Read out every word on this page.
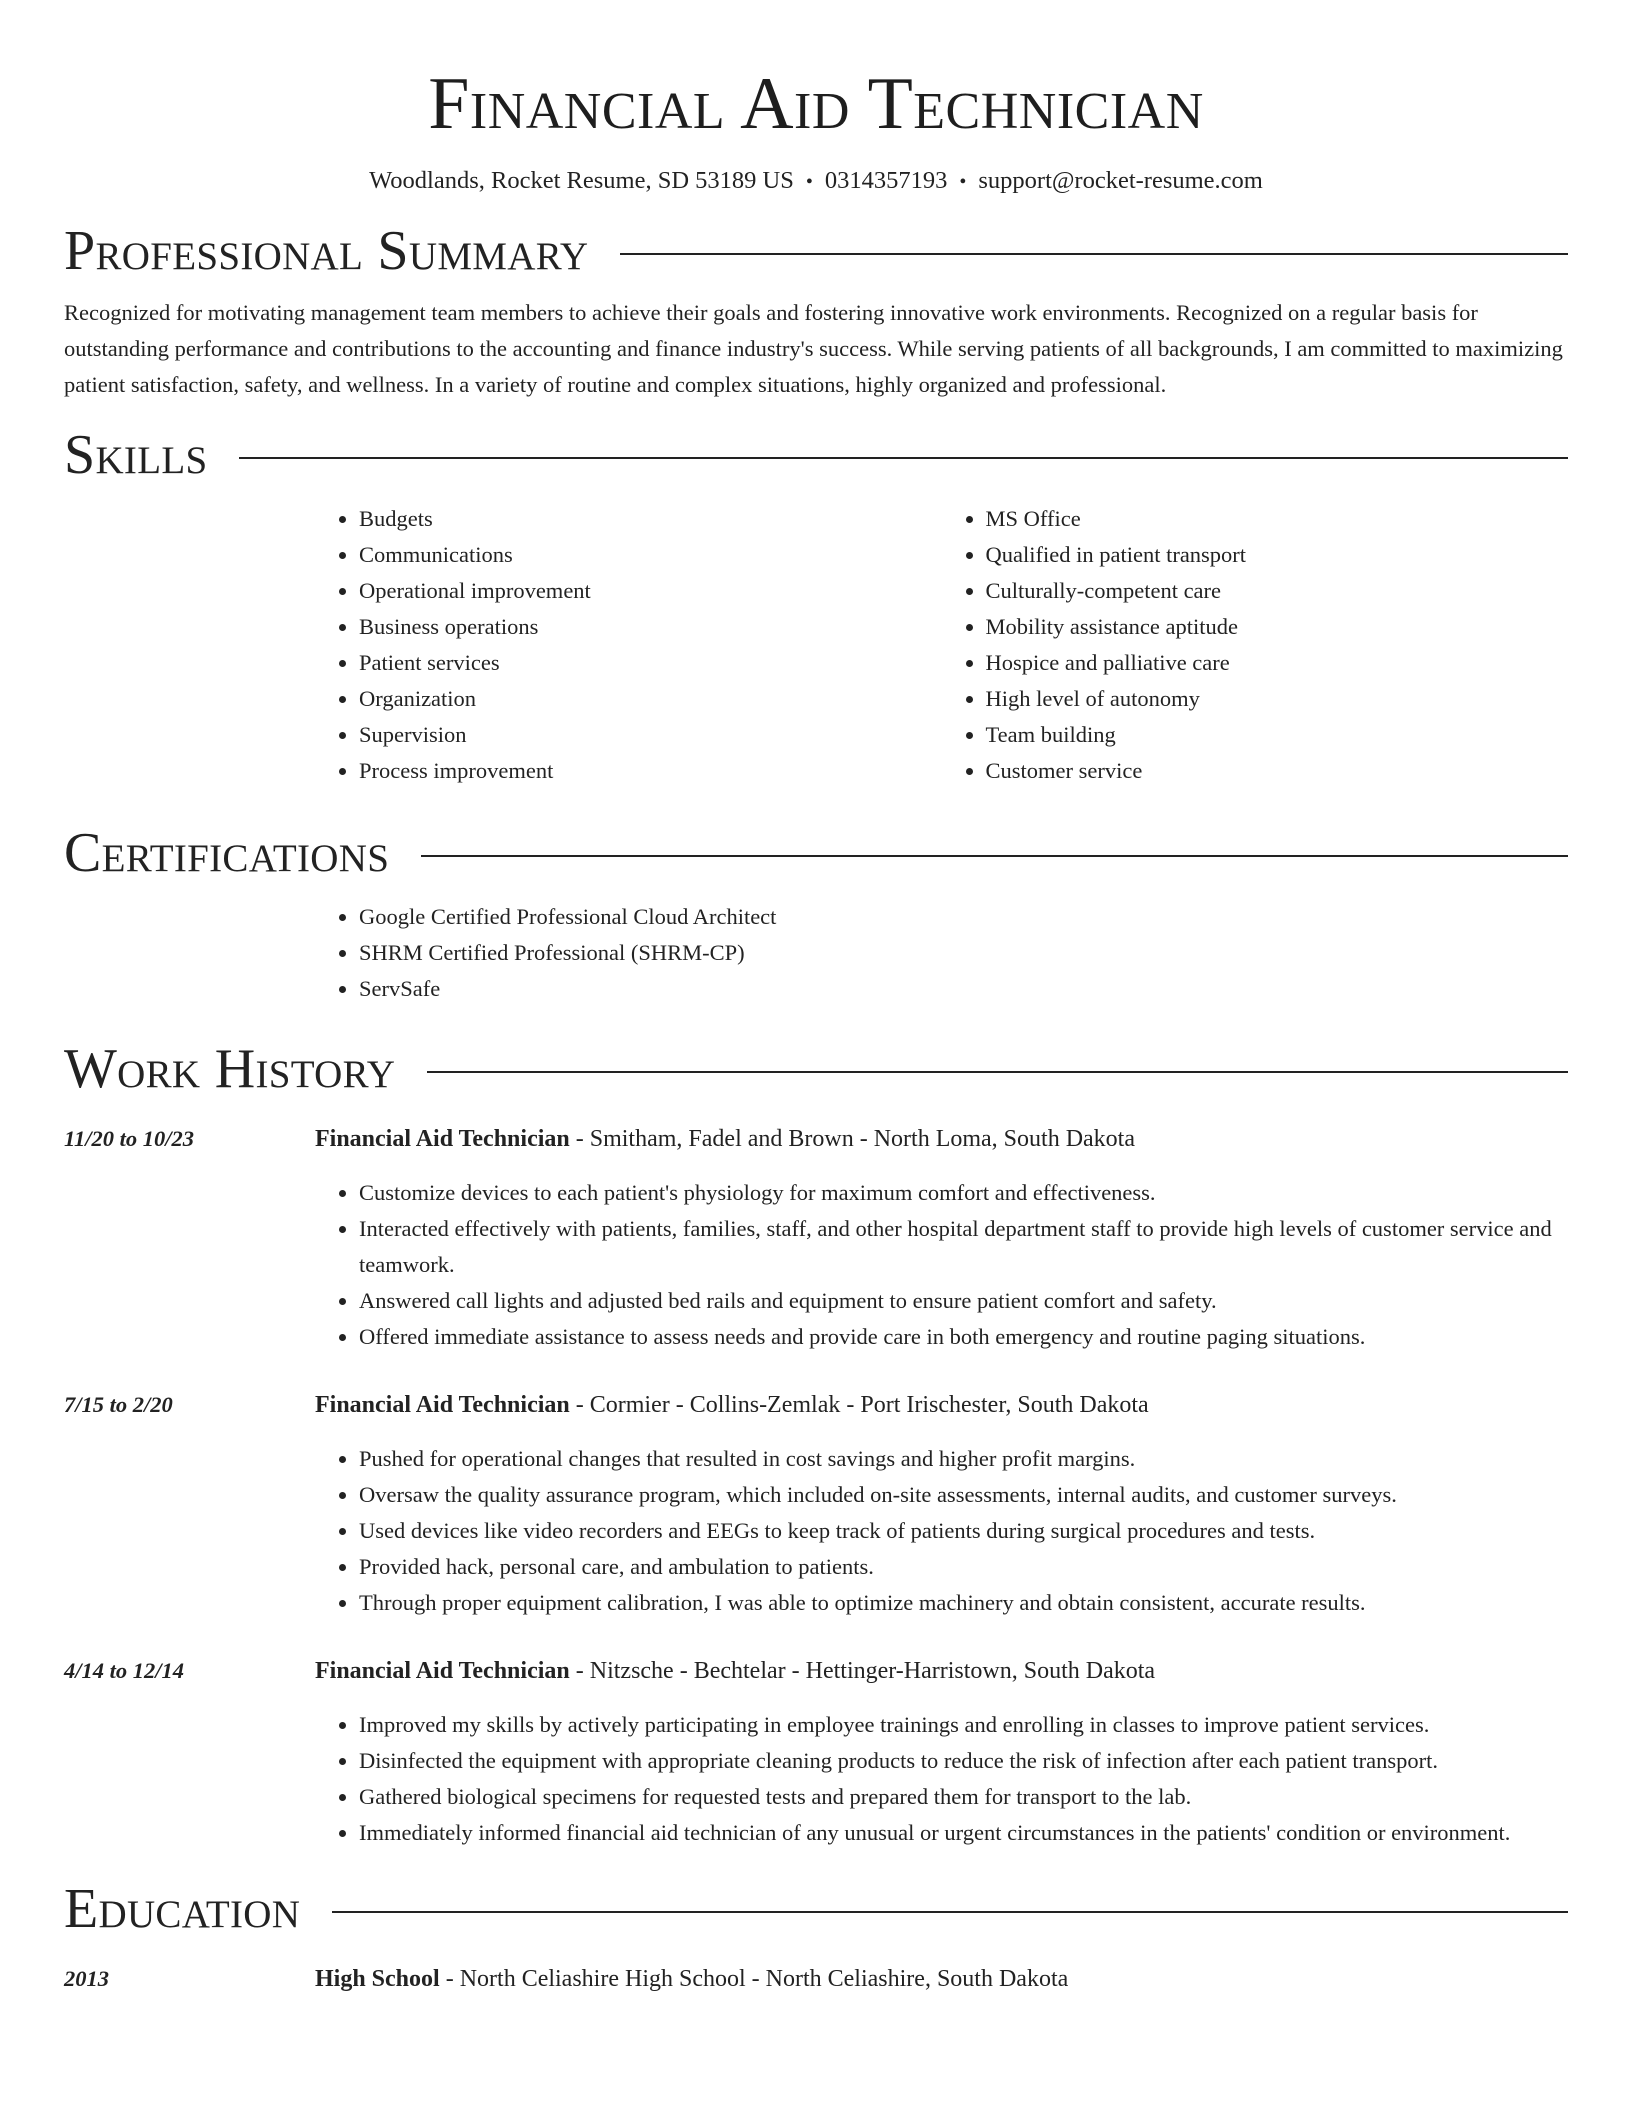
Financial Aid Technician
Woodlands, Rocket Resume, SD 53189 US • 0314357193 • support@rocket-resume.com
Professional Summary

Recognized for motivating management team members to achieve their goals and fostering innovative work environments. Recognized on a regular basis for outstanding performance and contributions to the accounting and finance industry's success. While serving patients of all backgrounds, I am committed to maximizing patient satisfaction, safety, and wellness. In a variety of routine and complex situations, highly organized and professional.

Skills
• Budgets
• Communications
• Operational improvement
• Business operations
• Patient services
• Organization
• Supervision
• Process improvement
• MS Office
• Qualified in patient transport
• Culturally-competent care
• Mobility assistance aptitude
• Hospice and palliative care
• High level of autonomy
• Team building
• Customer service
Certifications
• Google Certified Professional Cloud Architect
• SHRM Certified Professional (SHRM-CP)
• ServSafe
Work History
11/20 to 10/23	Financial Aid Technician - Smitham, Fadel and Brown - North Loma, South Dakota
• Customize devices to each patient's physiology for maximum comfort and effectiveness.
• Interacted effectively with patients, families, staff, and other hospital department staff to provide high levels of customer service and teamwork.
• Answered call lights and adjusted bed rails and equipment to ensure patient comfort and safety.
• Offered immediate assistance to assess needs and provide care in both emergency and routine paging situations.
7/15 to 2/20	Financial Aid Technician - Cormier - Collins-Zemlak - Port Irischester, South Dakota
• Pushed for operational changes that resulted in cost savings and higher profit margins.
• Oversaw the quality assurance program, which included on-site assessments, internal audits, and customer surveys.
• Used devices like video recorders and EEGs to keep track of patients during surgical procedures and tests.
• Provided hack, personal care, and ambulation to patients.
• Through proper equipment calibration, I was able to optimize machinery and obtain consistent, accurate results.
4/14 to 12/14	Financial Aid Technician - Nitzsche - Bechtelar - Hettinger-Harristown, South Dakota
• Improved my skills by actively participating in employee trainings and enrolling in classes to improve patient services.
• Disinfected the equipment with appropriate cleaning products to reduce the risk of infection after each patient transport.
• Gathered biological specimens for requested tests and prepared them for transport to the lab.
• Immediately informed financial aid technician of any unusual or urgent circumstances in the patients' condition or environment.
Education
2013	High School - North Celiashire High School - North Celiashire, South Dakota
